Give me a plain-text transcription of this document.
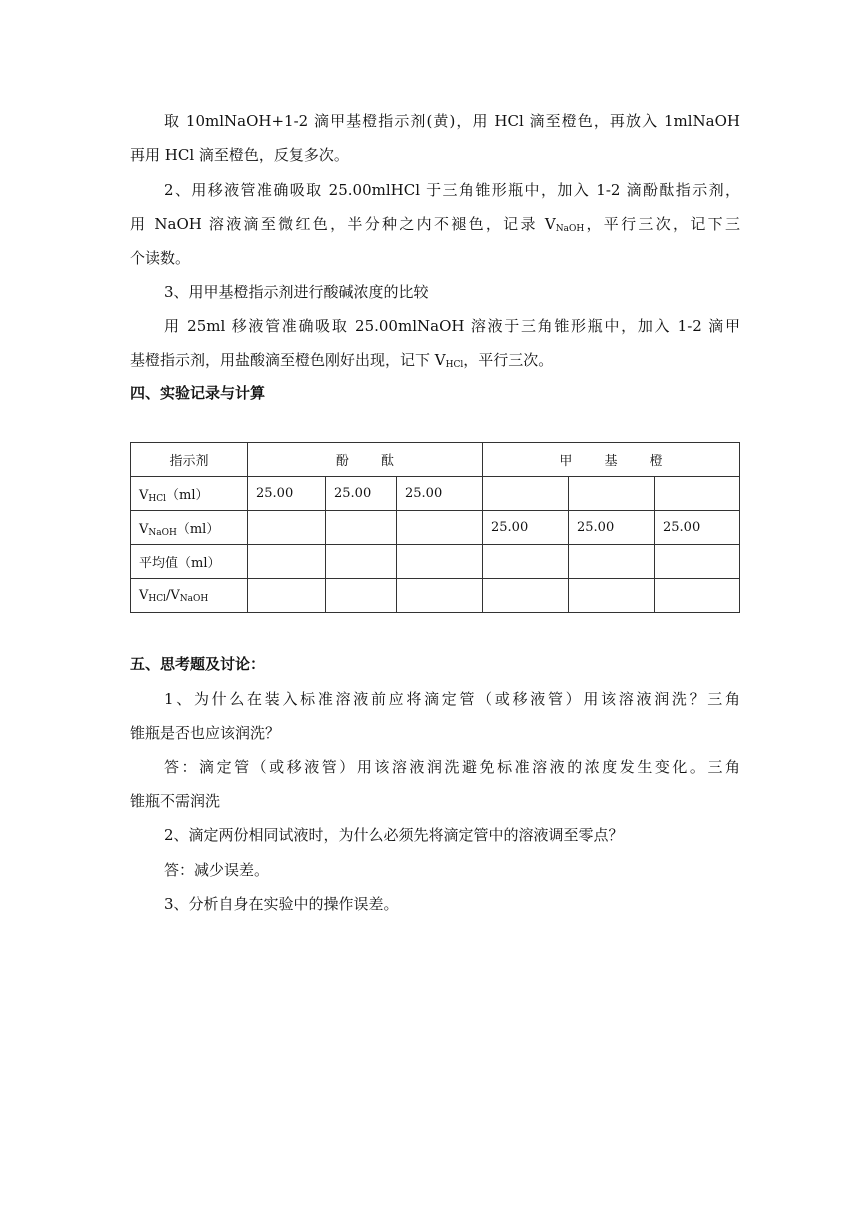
取 10mlNaOH+1-2 滴甲基橙指示剂(黄)，用 HCl 滴至橙色，再放入 1mlNaOH
再用 HCl 滴至橙色，反复多次。
2、用移液管准确吸取 25.00mlHCl 于三角锥形瓶中，加入 1-2 滴酚酞指示剂，
用 NaOH 溶液滴至微红色，半分种之内不褪色，记录 $V_{NaOH}$，平行三次，记下三
个读数。
3、用甲基橙指示剂进行酸碱浓度的比较
用 25ml 移液管准确吸取 25.00mlNaOH 溶液于三角锥形瓶中，加入 1-2 滴甲
基橙指示剂，用盐酸滴至橙色刚好出现，记下 $V_{HCl}$，平行三次。
四、实验记录与计算
指示剂	酚 酞			甲 基 橙		
$V_{HCl}(ml)$	25.00	25.00	25.00			
$V_{NaOH}(ml)$				25.00	25.00	25.00
平均值（ml）						
$V_{HCl}/V_{NaOH}$						
五、思考题及讨论：
1、为什么在装入标准溶液前应将滴定管（或移液管）用该溶液润洗？三角
锥瓶是否也应该润洗？
答：滴定管（或移液管）用该溶液润洗避免标准溶液的浓度发生变化。三角
锥瓶不需润洗
2、滴定两份相同试液时，为什么必须先将滴定管中的溶液调至零点？
答：减少误差。
3、分析自身在实验中的操作误差。
